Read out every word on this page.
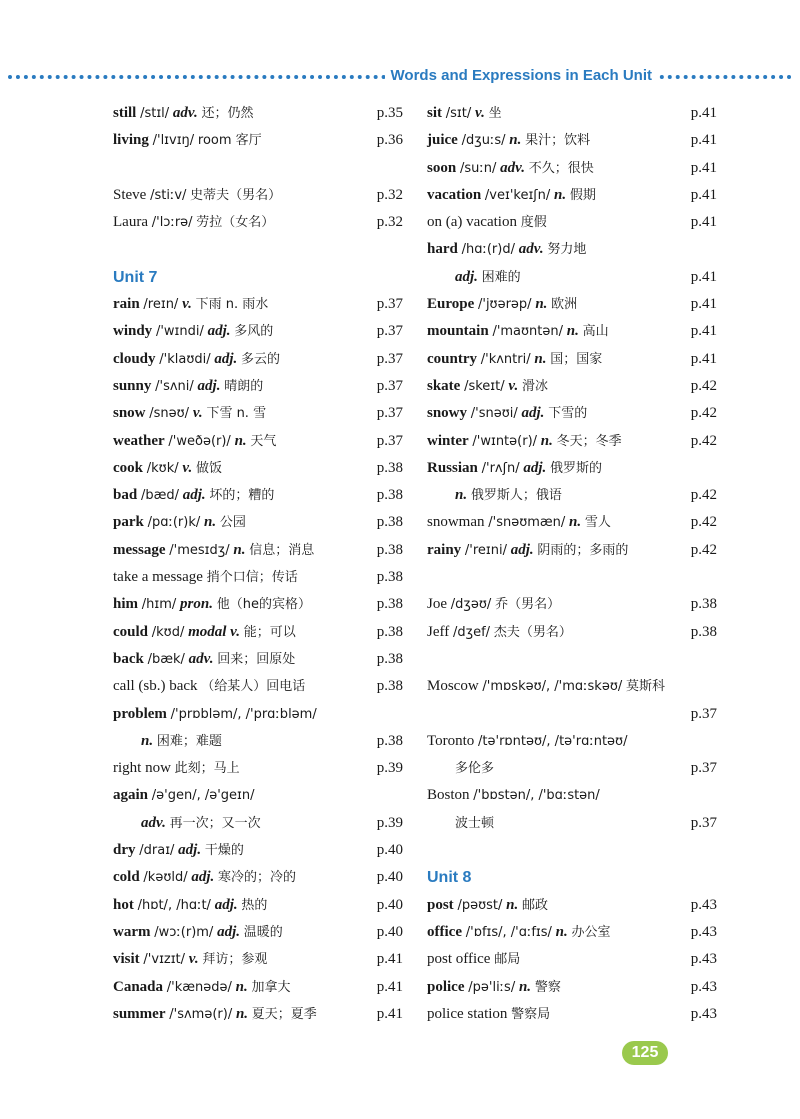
Words and Expressions in Each Unit
still /stɪl/ adv. 还；仍然	p.35
living /'lɪvɪŋ/ room 客厅	p.36
Steve /stiːv/ 史蒂夫（男名）	p.32
Laura /'lɔːrə/ 劳拉（女名）	p.32
Unit 7
rain /reɪn/ v. 下雨 n. 雨水	p.37
windy /'wɪndi/ adj. 多风的	p.37
cloudy /'klaʊdi/ adj. 多云的	p.37
sunny /'sʌni/ adj. 晴朗的	p.37
snow /snəʊ/ v. 下雪 n. 雪	p.37
weather /'weðə(r)/ n. 天气	p.37
cook /kʊk/ v. 做饭	p.38
bad /bæd/ adj. 坏的；糟的	p.38
park /pɑː(r)k/ n. 公园	p.38
message /'mesɪdʒ/ n. 信息；消息	p.38
take a message 捎个口信；传话	p.38
him /hɪm/ pron. 他（he的宾格）	p.38
could /kʊd/ modal v. 能；可以	p.38
back /bæk/ adv. 回来；回原处	p.38
call (sb.) back （给某人）回电话	p.38
problem /'prɒbləm/, /'prɑːbləm/
n. 困难；难题	p.38
right now 此刻；马上	p.39
again /ə'gen/, /ə'geɪn/
adv. 再一次；又一次	p.39
dry /draɪ/ adj. 干燥的	p.40
cold /kəʊld/ adj. 寒冷的；冷的	p.40
hot /hɒt/, /hɑːt/ adj. 热的	p.40
warm /wɔː(r)m/ adj. 温暖的	p.40
visit /'vɪzɪt/ v. 拜访；参观	p.41
Canada /'kænədə/ n. 加拿大	p.41
summer /'sʌmə(r)/ n. 夏天；夏季	p.41
sit /sɪt/ v. 坐	p.41
juice /dʒuːs/ n. 果汁；饮料	p.41
soon /suːn/ adv. 不久；很快	p.41
vacation /veɪ'keɪʃn/ n. 假期	p.41
on (a) vacation 度假	p.41
hard /hɑː(r)d/ adv. 努力地
adj. 困难的	p.41
Europe /'jʊərəp/ n. 欧洲	p.41
mountain /'maʊntən/ n. 高山	p.41
country /'kʌntri/ n. 国；国家	p.41
skate /skeɪt/ v. 滑冰	p.42
snowy /'snəʊi/ adj. 下雪的	p.42
winter /'wɪntə(r)/ n. 冬天；冬季	p.42
Russian /'rʌʃn/ adj. 俄罗斯的
n. 俄罗斯人；俄语	p.42
snowman /'snəʊmæn/ n. 雪人	p.42
rainy /'reɪni/ adj. 阴雨的；多雨的	p.42
Joe /dʒəʊ/ 乔（男名）	p.38
Jeff /dʒef/ 杰夫（男名）	p.38
Moscow /'mɒskəʊ/, /'mɑːskəʊ/ 莫斯科
p.37
Toronto /tə'rɒntəʊ/, /tə'rɑːntəʊ/
多伦多	p.37
Boston /'bɒstən/, /'bɑːstən/
波士顿	p.37
Unit 8
post /pəʊst/ n. 邮政	p.43
office /'ɒfɪs/, /'ɑːfɪs/ n. 办公室	p.43
post office 邮局	p.43
police /pə'liːs/ n. 警察	p.43
police station 警察局	p.43
125
